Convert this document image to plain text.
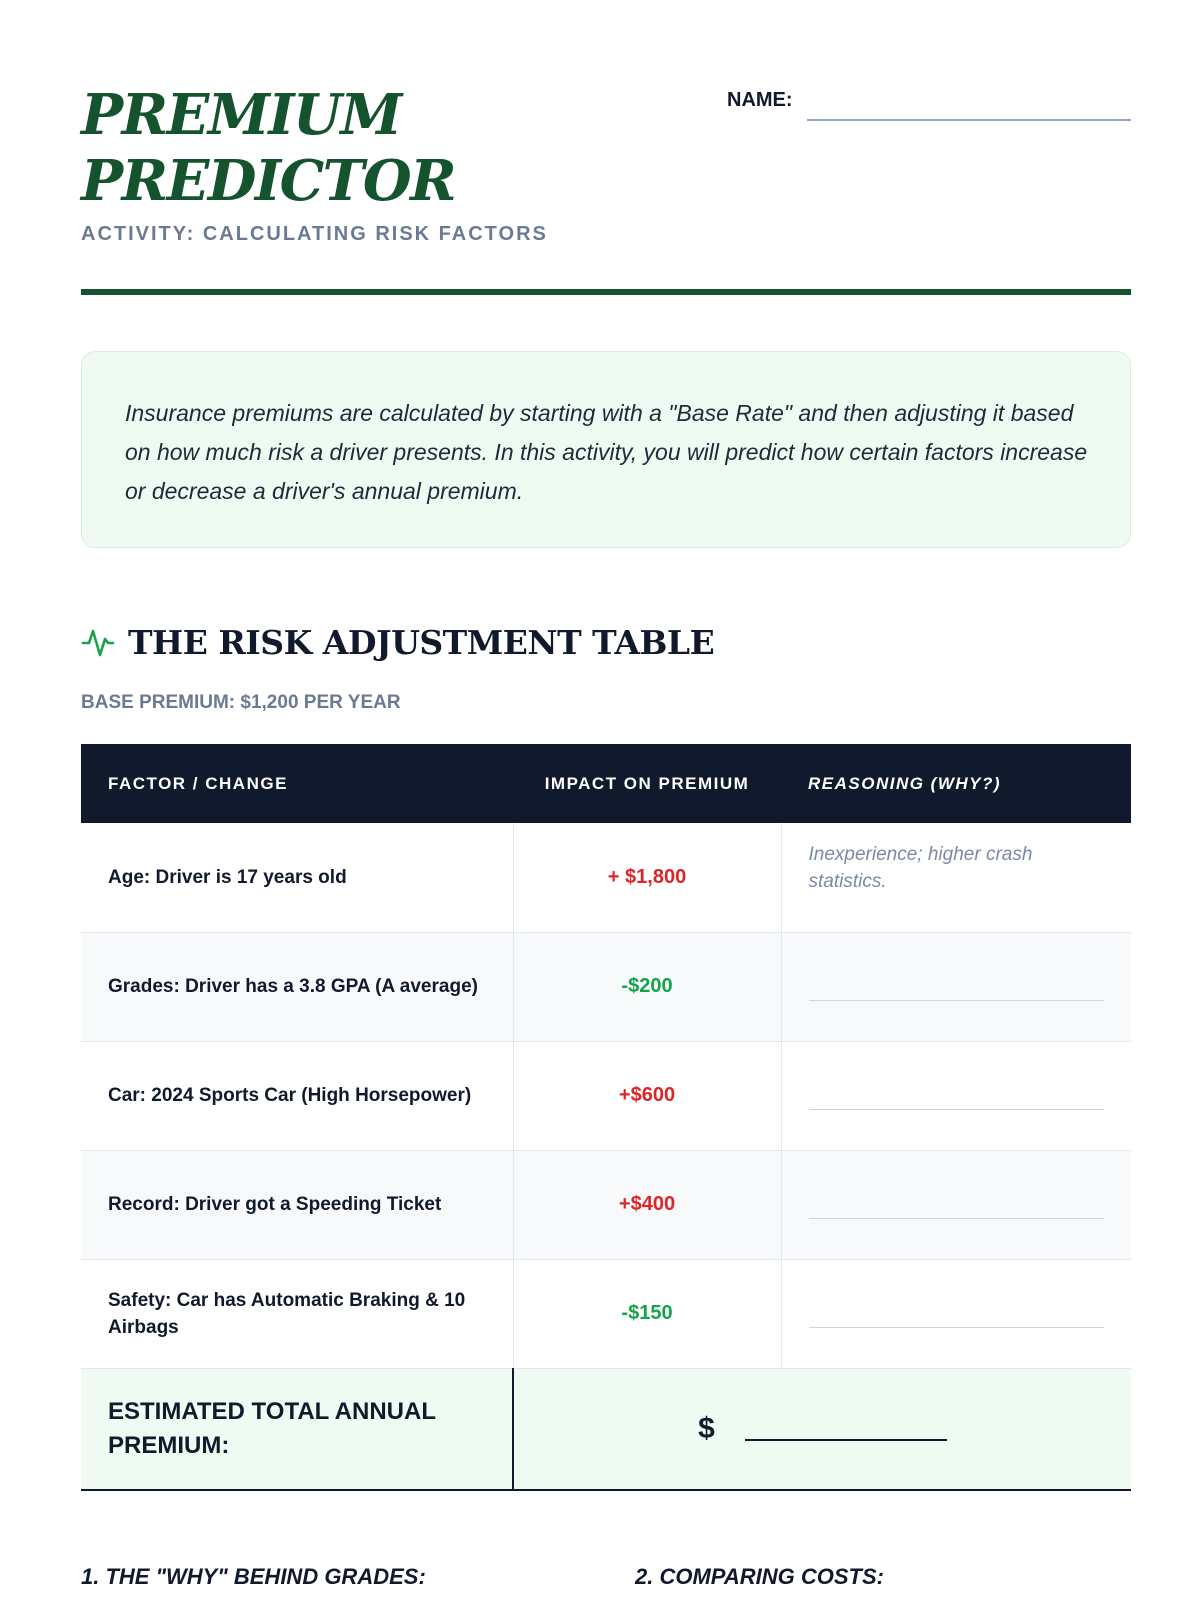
PREMIUM
PREDICTOR
ACTIVITY: CALCULATING RISK FACTORS
NAME:
Insurance premiums are calculated by starting with a "Base Rate" and then adjusting it based on how much risk a driver presents. In this activity, you will predict how certain factors increase or decrease a driver's annual premium.
THE RISK ADJUSTMENT TABLE
BASE PREMIUM: $1,200 PER YEAR
FACTOR / CHANGE	IMPACT ON PREMIUM	REASONING (WHY?)
Age: Driver is 17 years old	+ $1,800	Inexperience; higher crash statistics.

Grades: Driver has a 3.8 GPA (A average)	-$200	

Car: 2024 Sports Car (High Horsepower)	+$600	

Record: Driver got a Speeding Ticket	+$400	

Safety: Car has Automatic Braking & 10 Airbags	-$150	

ESTIMATED TOTAL ANNUAL PREMIUM:	$	
1. THE "WHY" BEHIND GRADES:	2. COMPARING COSTS:
